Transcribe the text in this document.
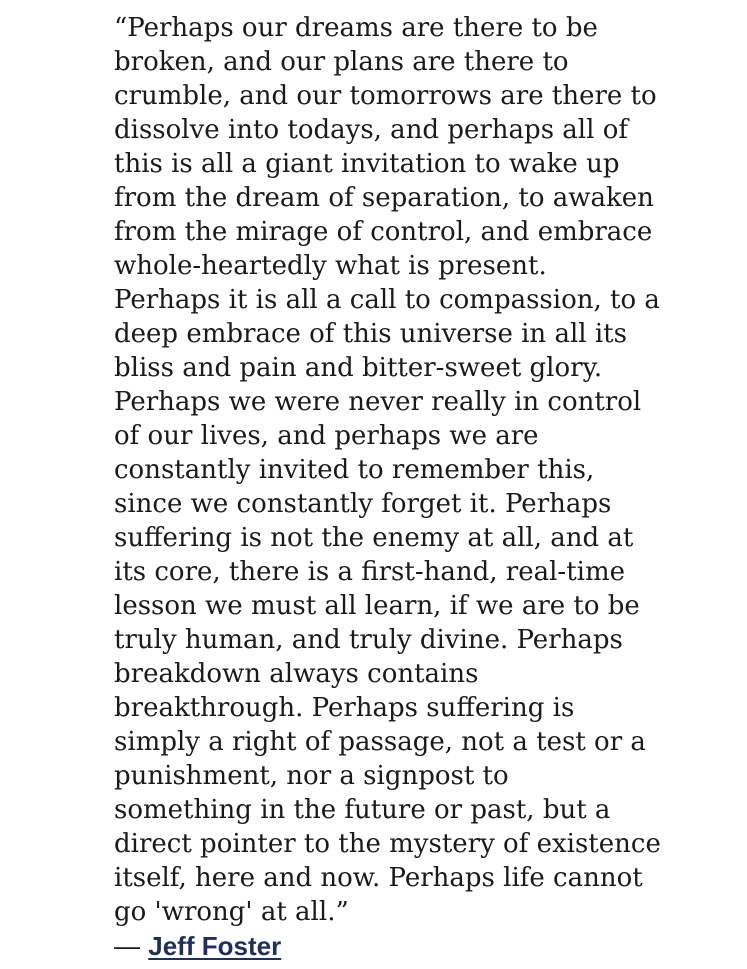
“Perhaps our dreams are there to be
broken, and our plans are there to
crumble, and our tomorrows are there to
dissolve into todays, and perhaps all of
this is all a giant invitation to wake up
from the dream of separation, to awaken
from the mirage of control, and embrace
whole-heartedly what is present.
Perhaps it is all a call to compassion, to a
deep embrace of this universe in all its
bliss and pain and bitter-sweet glory.
Perhaps we were never really in control
of our lives, and perhaps we are
constantly invited to remember this,
since we constantly forget it. Perhaps
suffering is not the enemy at all, and at
its core, there is a first-hand, real-time
lesson we must all learn, if we are to be
truly human, and truly divine. Perhaps
breakdown always contains
breakthrough. Perhaps suffering is
simply a right of passage, not a test or a
punishment, nor a signpost to
something in the future or past, but a
direct pointer to the mystery of existence
itself, here and now. Perhaps life cannot
go 'wrong' at all.”
― Jeff Foster
